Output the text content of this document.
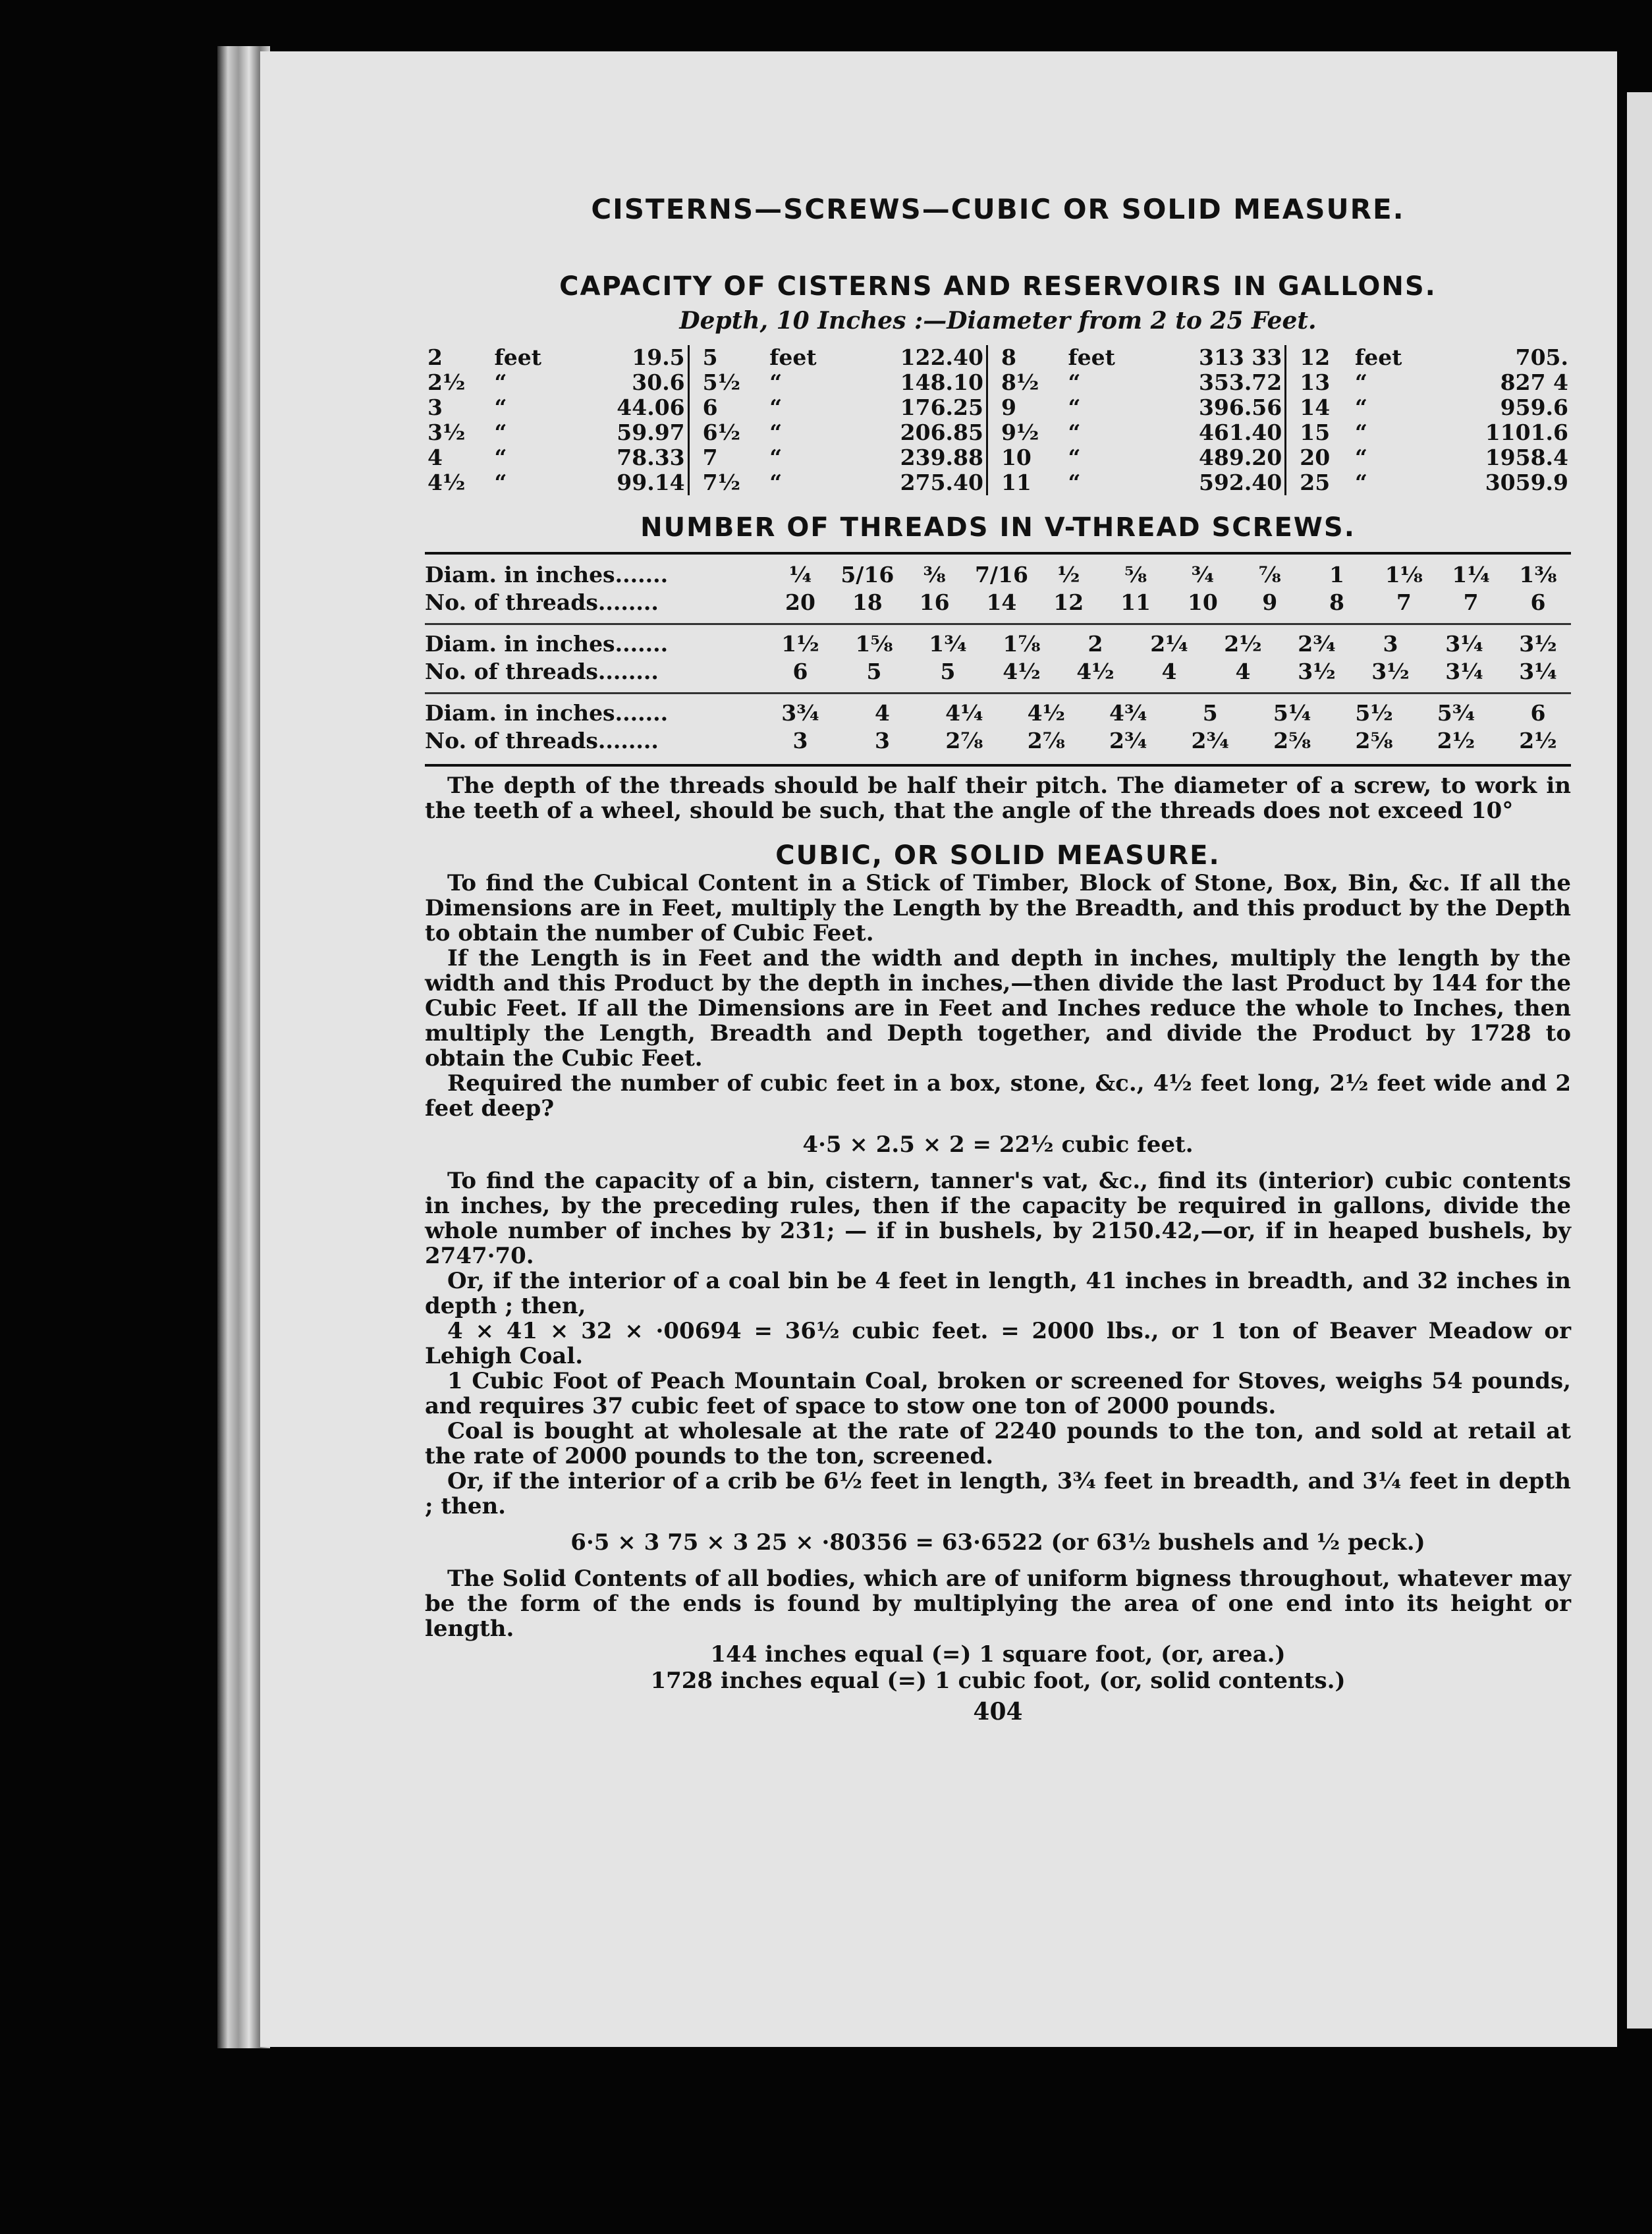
CISTERNS—SCREWS—CUBIC OR SOLID MEASURE.
CAPACITY OF CISTERNS AND RESERVOIRS IN GALLONS.

Depth, 10 Inches :—Diameter from 2 to 25 Feet.

2	feet	19.5		5	feet	122.40		8	feet	313 33		12	feet	705.
2½	“	30.6		5½	“	148.10		8½	“	353.72		13	“	827 4
3	“	44.06		6	“	176.25		9	“	396.56		14	“	959.6
3½	“	59.97		6½	“	206.85		9½	“	461.40		15	“	1101.6
4	“	78.33		7	“	239.88		10	“	489.20		20	“	1958.4
4½	“	99.14		7½	“	275.40		11	“	592.40		25	“	3059.9
NUMBER OF THREADS IN V-THREAD SCREWS.
Diam. in inches.......	¼	5/16	⅜	7/16	½	⅝	¾	⅞	1	1⅛	1¼	1⅜
No. of threads........	20	18	16	14	12	11	10	9	8	7	7	6
Diam. in inches.......	1½	1⅝	1¾	1⅞	2	2¼	2½	2¾	3	3¼	3½
No. of threads........	6	5	5	4½	4½	4	4	3½	3½	3¼	3¼
Diam. in inches.......	3¾	4	4¼	4½	4¾	5	5¼	5½	5¾	6
No. of threads........	3	3	2⅞	2⅞	2¾	2¾	2⅝	2⅝	2½	2½

The depth of the threads should be half their pitch. The diameter of a screw, to work in the teeth of a wheel, should be such, that the angle of the threads does not exceed 10°

CUBIC, OR SOLID MEASURE.

To find the Cubical Content in a Stick of Timber, Block of Stone, Box, Bin, &c. If all the Dimensions are in Feet, multiply the Length by the Breadth, and this product by the Depth to obtain the number of Cubic Feet.

If the Length is in Feet and the width and depth in inches, multiply the length by the width and this Product by the depth in inches,—then divide the last Product by 144 for the Cubic Feet. If all the Dimensions are in Feet and Inches reduce the whole to Inches, then multiply the Length, Breadth and Depth together, and divide the Product by 1728 to obtain the Cubic Feet.

Required the number of cubic feet in a box, stone, &c., 4½ feet long, 2½ feet wide and 2 feet deep?

4·5 × 2.5 × 2 = 22½ cubic feet.

To find the capacity of a bin, cistern, tanner's vat, &c., find its (interior) cubic contents in inches, by the preceding rules, then if the capacity be required in gallons, divide the whole number of inches by 231; — if in bushels, by 2150.42,—or, if in heaped bushels, by 2747·70.

Or, if the interior of a coal bin be 4 feet in length, 41 inches in breadth, and 32 inches in depth ; then,

4 × 41 × 32 × ·00694 = 36½ cubic feet. = 2000 lbs., or 1 ton of Beaver Meadow or Lehigh Coal.

1 Cubic Foot of Peach Mountain Coal, broken or screened for Stoves, weighs 54 pounds, and requires 37 cubic feet of space to stow one ton of 2000 pounds.

Coal is bought at wholesale at the rate of 2240 pounds to the ton, and sold at retail at the rate of 2000 pounds to the ton, screened.

Or, if the interior of a crib be 6½ feet in length, 3¾ feet in breadth, and 3¼ feet in depth ; then.

6·5 × 3 75 × 3 25 × ·80356 = 63·6522 (or 63½ bushels and ½ peck.)

The Solid Contents of all bodies, which are of uniform bigness throughout, whatever may be the form of the ends is found by multiplying the area of one end into its height or length.

144 inches equal (=) 1 square foot, (or, area.)

1728 inches equal (=) 1 cubic foot, (or, solid contents.)

404
